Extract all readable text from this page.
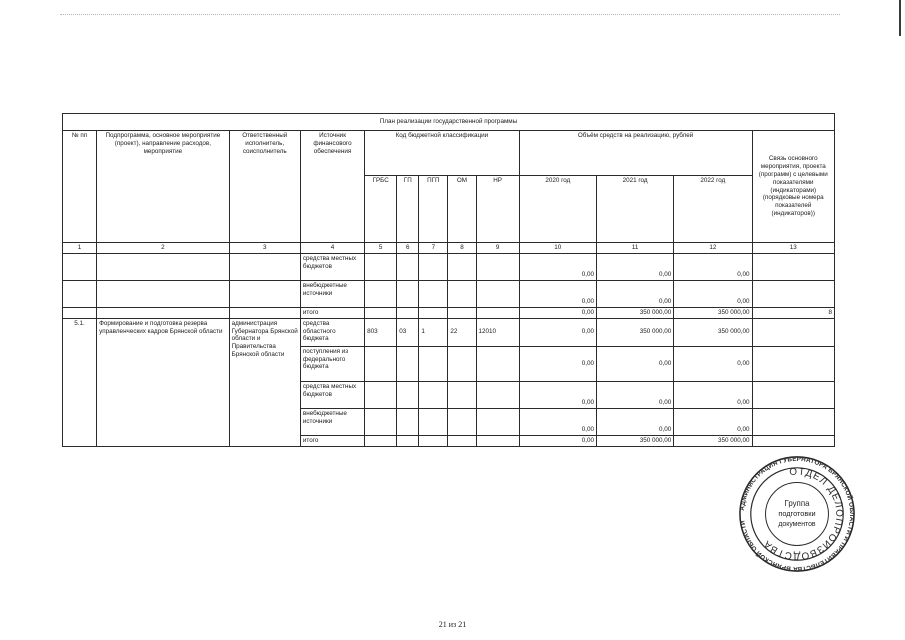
План реализации государственной программы												
№ пп	Подпрограмма, основное мероприятие (проект), направление расходов, мероприятие	Ответственный исполнитель, соисполнитель	Источник финансового обеспечения	Код бюджетной классификации					Объём средств на реализацию, рублей			Связь основного мероприятия, проекта (программ) с целевыми показателями (индикаторами) (порядковые номера показателей (индикаторов))
				ГРБС	ГП	ПГП	ОМ	НР	2020 год	2021 год	2022 год	
1	2	3	4	5	6	7	8	9	10	11	12	13
			средства местных бюджетов						0,00	0,00	0,00	
			внебюджетные источники						0,00	0,00	0,00	
			итого						0,00	350 000,00	350 000,00	8
5.1.	Формирование и подготовка резерва управленческих кадров Брянской области	администрация Губернатора Брянской области и Правительства Брянской области	средства областного бюджета	803	03	1	22	12010	0,00	350 000,00	350 000,00	
			поступления из федерального бюджета						0,00	0,00	0,00	
			средства местных бюджетов						0,00	0,00	0,00	
			внебюджетные источники						0,00	0,00	0,00	
			итого						0,00	350 000,00	350 000,00	
АДМИНИСТРАЦИЯ ГУБЕРНАТОРА БРЯНСКОЙ ОБЛАСТИ И ПРАВИТЕЛЬСТВА БРЯНСКОЙ ОБЛАСТИ
ОТДЕЛ ДЕЛОПРОИЗВОДСТВА
Группа
подготовки
документов
21 из 21
